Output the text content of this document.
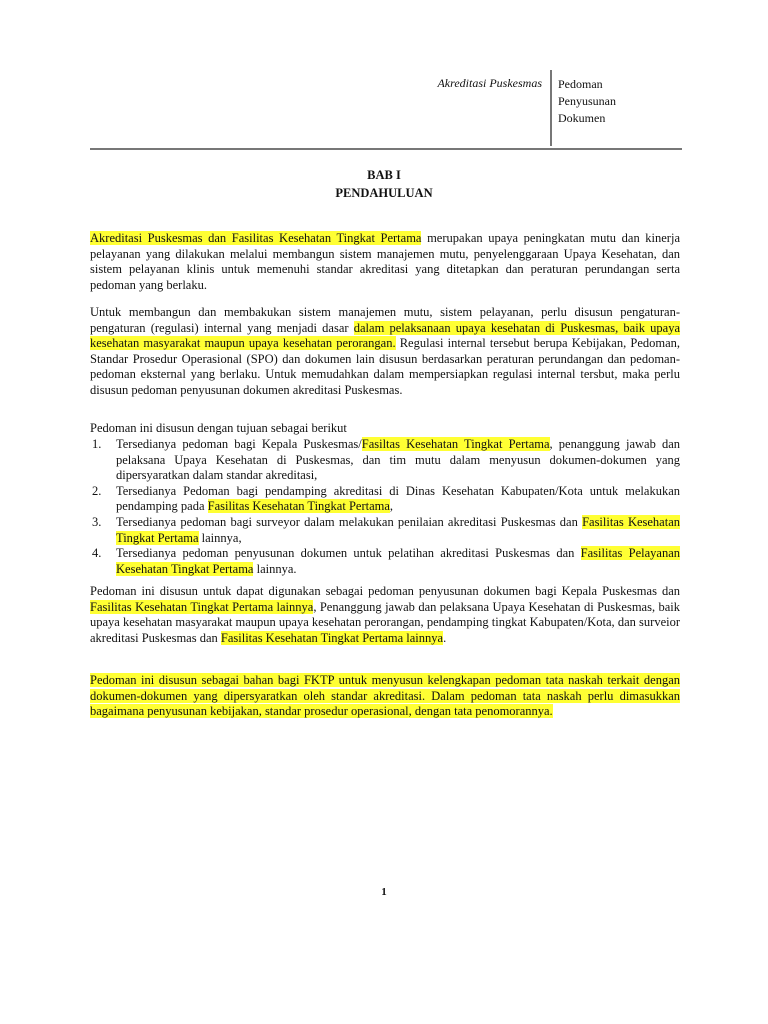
Akreditasi Puskesmas Pedoman
Penyusunan
Dokumen
BAB I
PENDAHULUAN
Akreditasi Puskesmas dan Fasilitas Kesehatan Tingkat Pertama merupakan upaya peningkatan mutu dan kinerja pelayanan yang dilakukan melalui membangun sistem manajemen mutu, penyelenggaraan Upaya Kesehatan, dan sistem pelayanan klinis untuk memenuhi standar akreditasi yang ditetapkan dan peraturan perundangan serta pedoman yang berlaku.
Untuk membangun dan membakukan sistem manajemen mutu, sistem pelayanan, perlu disusun pengaturan-pengaturan (regulasi) internal yang menjadi dasar dalam pelaksanaan upaya kesehatan di Puskesmas, baik upaya kesehatan masyarakat maupun upaya kesehatan perorangan. Regulasi internal tersebut berupa Kebijakan, Pedoman, Standar Prosedur Operasional (SPO) dan dokumen lain disusun berdasarkan peraturan perundangan dan pedoman-pedoman eksternal yang berlaku. Untuk memudahkan dalam mempersiapkan regulasi internal tersbut, maka perlu disusun pedoman penyusunan dokumen akreditasi Puskesmas.
Pedoman ini disusun dengan tujuan sebagai berikut
1. Tersedianya pedoman bagi Kepala Puskesmas/Fasiltas Kesehatan Tingkat Pertama, penanggung jawab dan pelaksana Upaya Kesehatan di Puskesmas, dan tim mutu dalam menyusun dokumen-dokumen yang dipersyaratkan dalam standar akreditasi,
2. Tersedianya Pedoman bagi pendamping akreditasi di Dinas Kesehatan Kabupaten/Kota untuk melakukan pendamping pada Fasilitas Kesehatan Tingkat Pertama,
3. Tersedianya pedoman bagi surveyor dalam melakukan penilaian akreditasi Puskesmas dan Fasilitas Kesehatan Tingkat Pertama lainnya,
4. Tersedianya pedoman penyusunan dokumen untuk pelatihan akreditasi Puskesmas dan Fasilitas Pelayanan Kesehatan Tingkat Pertama lainnya.
Pedoman ini disusun untuk dapat digunakan sebagai pedoman penyusunan dokumen bagi Kepala Puskesmas dan Fasilitas Kesehatan Tingkat Pertama lainnya, Penanggung jawab dan pelaksana Upaya Kesehatan di Puskesmas, baik upaya kesehatan masyarakat maupun upaya kesehatan perorangan, pendamping tingkat Kabupaten/Kota, dan surveior akreditasi Puskesmas dan Fasilitas Kesehatan Tingkat Pertama lainnya.
Pedoman ini disusun sebagai bahan bagi FKTP untuk menyusun kelengkapan pedoman tata naskah terkait dengan dokumen-dokumen yang dipersyaratkan oleh standar akreditasi. Dalam pedoman tata naskah perlu dimasukkan bagaimana penyusunan kebijakan, standar prosedur operasional, dengan tata penomorannya.
1
